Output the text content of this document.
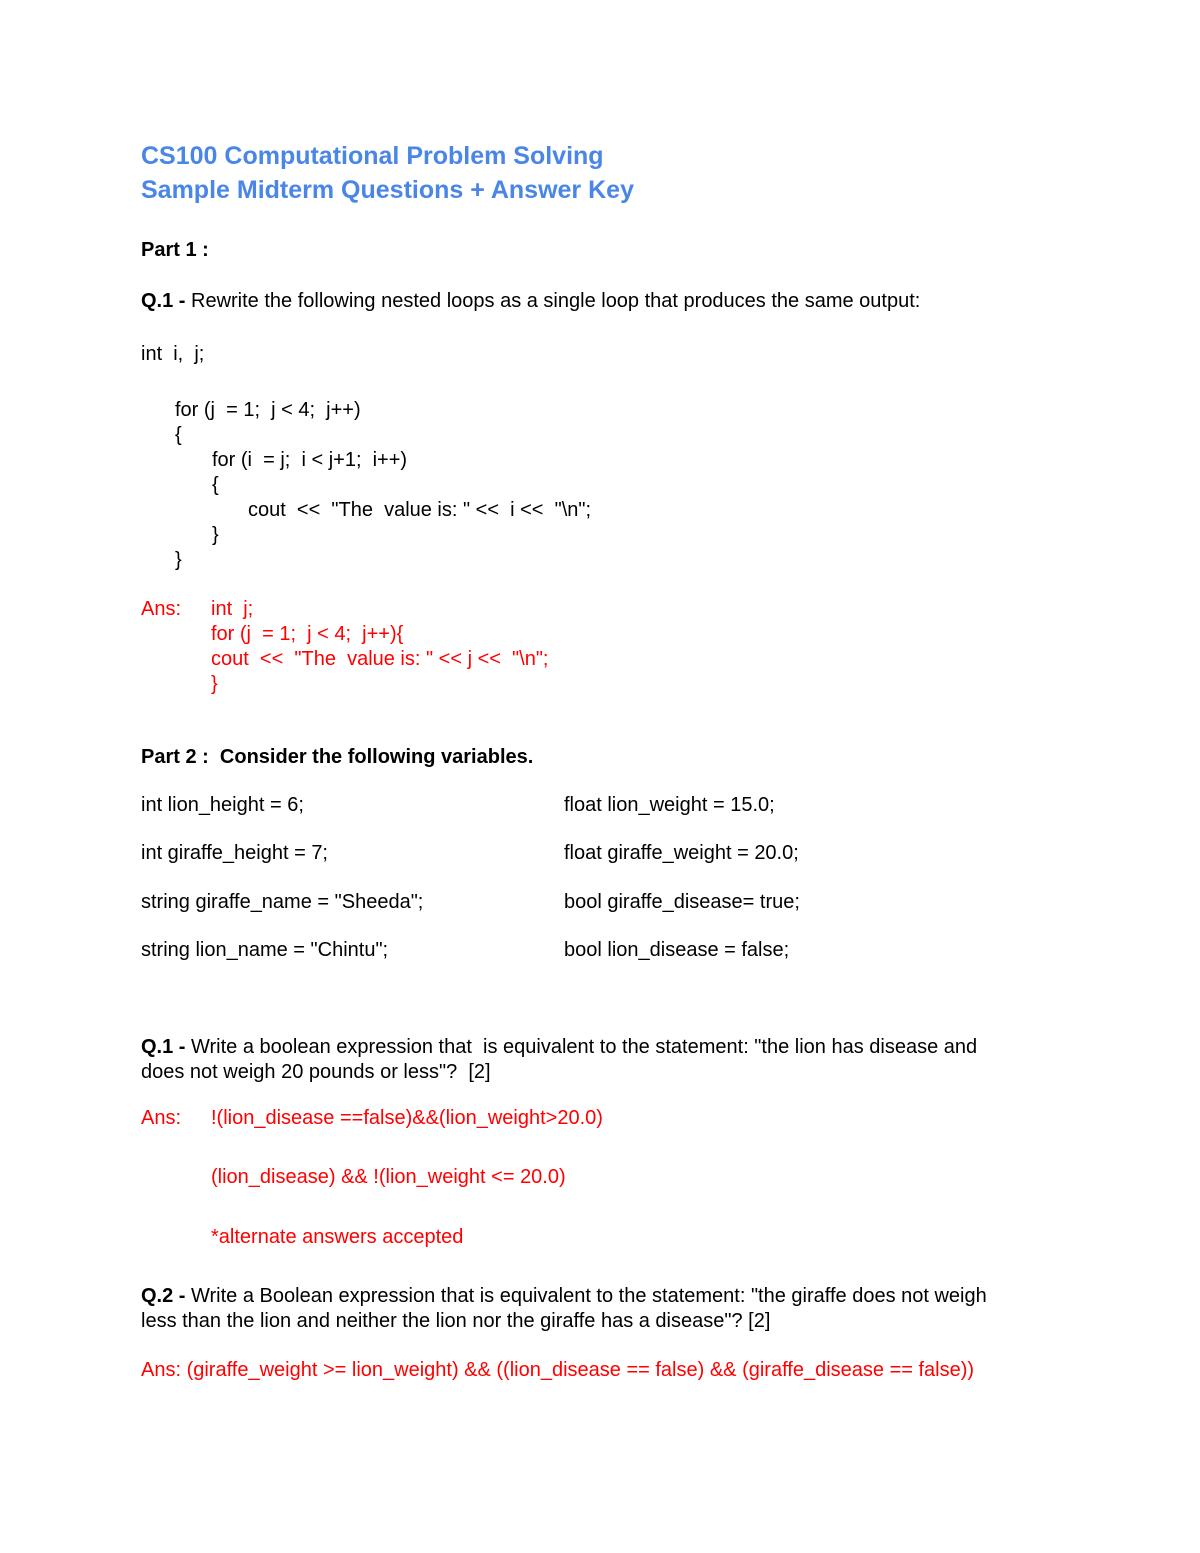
CS100 Computational Problem Solving
Sample Midterm Questions + Answer Key
Part 1 :
Q.1 - Rewrite the following nested loops as a single loop that produces the same output:
int  i,  j;
for (j  = 1;  j < 4;  j++)
{
for (i  = j;  i < j+1;  i++)
{
cout  <<  "The  value is: " <<  i <<  "\n";
}
}
Ans: int  j;
for (j  = 1;  j < 4;  j++){
cout  <<  "The  value is: " << j <<  "\n";
}
Part 2 :  Consider the following variables.
int lion_height = 6;
int giraffe_height = 7;
string giraffe_name = "Sheeda";
string lion_name = "Chintu";
float lion_weight = 15.0;
float giraffe_weight = 20.0;
bool giraffe_disease= true;
bool lion_disease = false;
Q.1 - Write a boolean expression that  is equivalent to the statement: "the lion has disease and
does not weigh 20 pounds or less"?  [2]
Ans: !(lion_disease ==false)&&(lion_weight>20.0)
(lion_disease) && !(lion_weight <= 20.0)
*alternate answers accepted
Q.2 - Write a Boolean expression that is equivalent to the statement: "the giraffe does not weigh
less than the lion and neither the lion nor the giraffe has a disease"? [2]
Ans: (giraffe_weight >= lion_weight) && ((lion_disease == false) && (giraffe_disease == false))
